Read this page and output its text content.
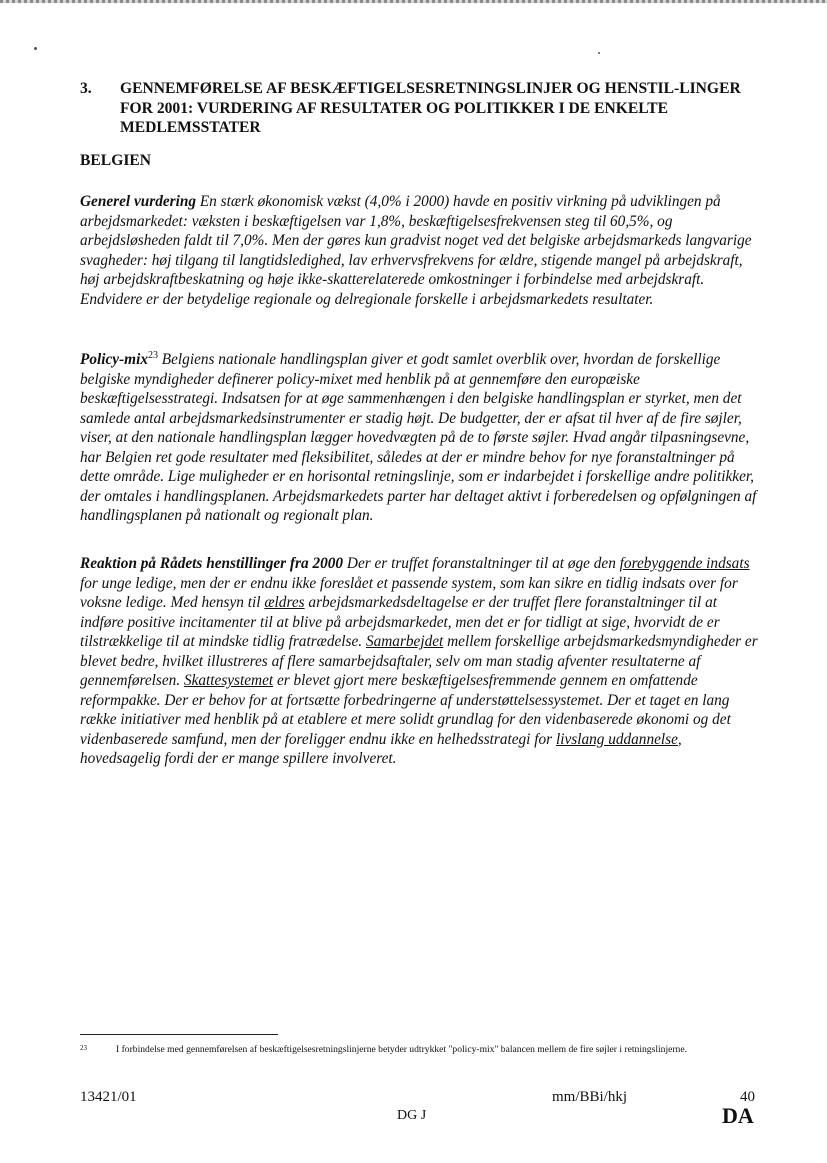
3. GENNEMFØRELSE AF BESKÆFTIGELSESRETNINGSLINJER OG HENSTIL-LINGER FOR 2001: VURDERING AF RESULTATER OG POLITIKKER I DE ENKELTE MEDLEMSSTATER
BELGIEN
Generel vurdering En stærk økonomisk vækst (4,0% i 2000) havde en positiv virkning på udviklingen på arbejdsmarkedet: væksten i beskæftigelsen var 1,8%, beskæftigelsesfrekvensen steg til 60,5%, og arbejdsløsheden faldt til 7,0%. Men der gøres kun gradvist noget ved det belgiske arbejdsmarkeds langvarige svagheder: høj tilgang til langtidsledighed, lav erhvervsfrekvens for ældre, stigende mangel på arbejdskraft, høj arbejdskraftbeskatning og høje ikke-skatterelaterede omkostninger i forbindelse med arbejdskraft. Endvidere er der betydelige regionale og delregionale forskelle i arbejdsmarkedets resultater.
Policy-mix$^{23}$ Belgiens nationale handlingsplan giver et godt samlet overblik over, hvordan de forskellige belgiske myndigheder definerer policy-mixet med henblik på at gennemføre den europæiske beskæftigelsesstrategi. Indsatsen for at øge sammenhængen i den belgiske handlingsplan er styrket, men det samlede antal arbejdsmarkedsinstrumenter er stadig højt. De budgetter, der er afsat til hver af de fire søjler, viser, at den nationale handlingsplan lægger hovedvægten på de to første søjler. Hvad angår tilpasningsevne, har Belgien ret gode resultater med fleksibilitet, således at der er mindre behov for nye foranstaltninger på dette område. Lige muligheder er en horisontal retningslinje, som er indarbejdet i forskellige andre politikker, der omtales i handlingsplanen. Arbejdsmarkedets parter har deltaget aktivt i forberedelsen og opfølgningen af handlingsplanen på nationalt og regionalt plan.
Reaktion på Rådets henstillinger fra 2000 Der er truffet foranstaltninger til at øge den forebyggende indsats for unge ledige, men der er endnu ikke foreslået et passende system, som kan sikre en tidlig indsats over for voksne ledige. Med hensyn til ældres arbejdsmarkedsdeltagelse er der truffet flere foranstaltninger til at indføre positive incitamenter til at blive på arbejdsmarkedet, men det er for tidligt at sige, hvorvidt de er tilstrækkelige til at mindske tidlig fratrædelse. Samarbejdet mellem forskellige arbejdsmarkedsmyndigheder er blevet bedre, hvilket illustreres af flere samarbejdsaftaler, selv om man stadig afventer resultaterne af gennemførelsen. Skattesystemet er blevet gjort mere beskæftigelsesfremmende gennem en omfattende reformpakke. Der er behov for at fortsætte forbedringerne af understøttelsessystemet. Der et taget en lang række initiativer med henblik på at etablere et mere solidt grundlag for den videnbaserede økonomi og det videnbaserede samfund, men der foreligger endnu ikke en helhedsstrategi for livslang uddannelse, hovedsagelig fordi der er mange spillere involveret.
23	I forbindelse med gennemførelsen af beskæftigelsesretningslinjerne betyder udtrykket "policy-mix" balancen mellem de fire søjler i retningslinjerne.
13421/01
DG J
mm/BBi/hkj	40
DA
